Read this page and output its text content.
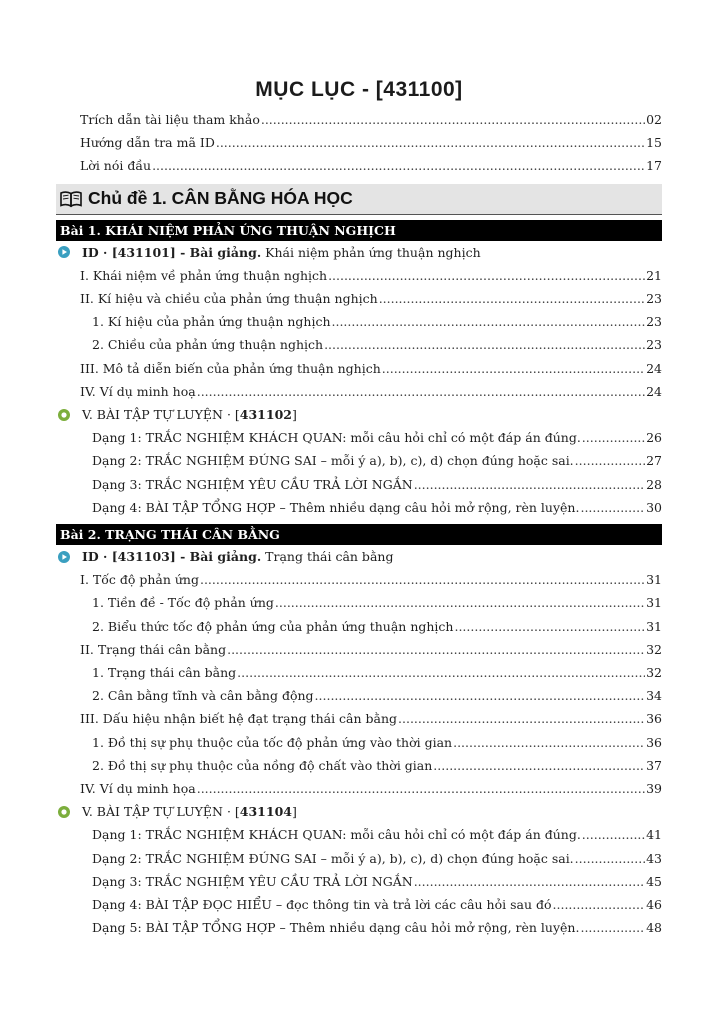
MỤC LỤC - [431100]
Trích dẫn tài liệu tham khảo .....	02
Hướng dẫn tra mã ID .....	15
Lời nói đầu .....	17
Chủ đề 1. CÂN BẰNG HÓA HỌC
Bài 1. KHÁI NIỆM PHẢN ỨNG THUẬN NGHỊCH
ID · [431101] - Bài giảng. Khái niệm phản ứng thuận nghịch
I. Khái niệm về phản ứng thuận nghịch .....	21
II. Kí hiệu và chiều của phản ứng thuận nghịch .....	23
1. Kí hiệu của phản ứng thuận nghịch .....	23
2. Chiều của phản ứng thuận nghịch .....	23
III. Mô tả diễn biến của phản ứng thuận nghịch .....	24
IV. Ví dụ minh hoạ .....	24
V. BÀI TẬP TỰ LUYỆN · [431102]
Dạng 1: TRẮC NGHIỆM KHÁCH QUAN: mỗi câu hỏi chỉ có một đáp án đúng. .....	26
Dạng 2: TRẮC NGHIỆM ĐÚNG SAI – mỗi ý a), b), c), d) chọn đúng hoặc sai. .....	27
Dạng 3: TRẮC NGHIỆM YÊU CẦU TRẢ LỜI NGẮN .....	28
Dạng 4: BÀI TẬP TỔNG HỢP – Thêm nhiều dạng câu hỏi mở rộng, rèn luyện. .....	30
Bài 2. TRẠNG THÁI CÂN BẰNG
ID · [431103] - Bài giảng. Trạng thái cân bằng
I. Tốc độ phản ứng .....	31
1. Tiền đề - Tốc độ phản ứng .....	31
2. Biểu thức tốc độ phản ứng của phản ứng thuận nghịch .....	31
II. Trạng thái cân bằng .....	32
1. Trạng thái cân bằng .....	32
2. Cân bằng tĩnh và cân bằng động .....	34
III. Dấu hiệu nhận biết hệ đạt trạng thái cân bằng .....	36
1. Đồ thị sự phụ thuộc của tốc độ phản ứng vào thời gian .....	36
2. Đồ thị sự phụ thuộc của nồng độ chất vào thời gian .....	37
IV. Ví dụ minh họa .....	39
V. BÀI TẬP TỰ LUYỆN · [431104]
Dạng 1: TRẮC NGHIỆM KHÁCH QUAN: mỗi câu hỏi chỉ có một đáp án đúng. .....	41
Dạng 2: TRẮC NGHIỆM ĐÚNG SAI – mỗi ý a), b), c), d) chọn đúng hoặc sai. .....	43
Dạng 3: TRẮC NGHIỆM YÊU CẦU TRẢ LỜI NGẮN .....	45
Dạng 4: BÀI TẬP ĐỌC HIỂU – đọc thông tin và trả lời các câu hỏi sau đó .....	46
Dạng 5: BÀI TẬP TỔNG HỢP – Thêm nhiều dạng câu hỏi mở rộng, rèn luyện. .....	48
